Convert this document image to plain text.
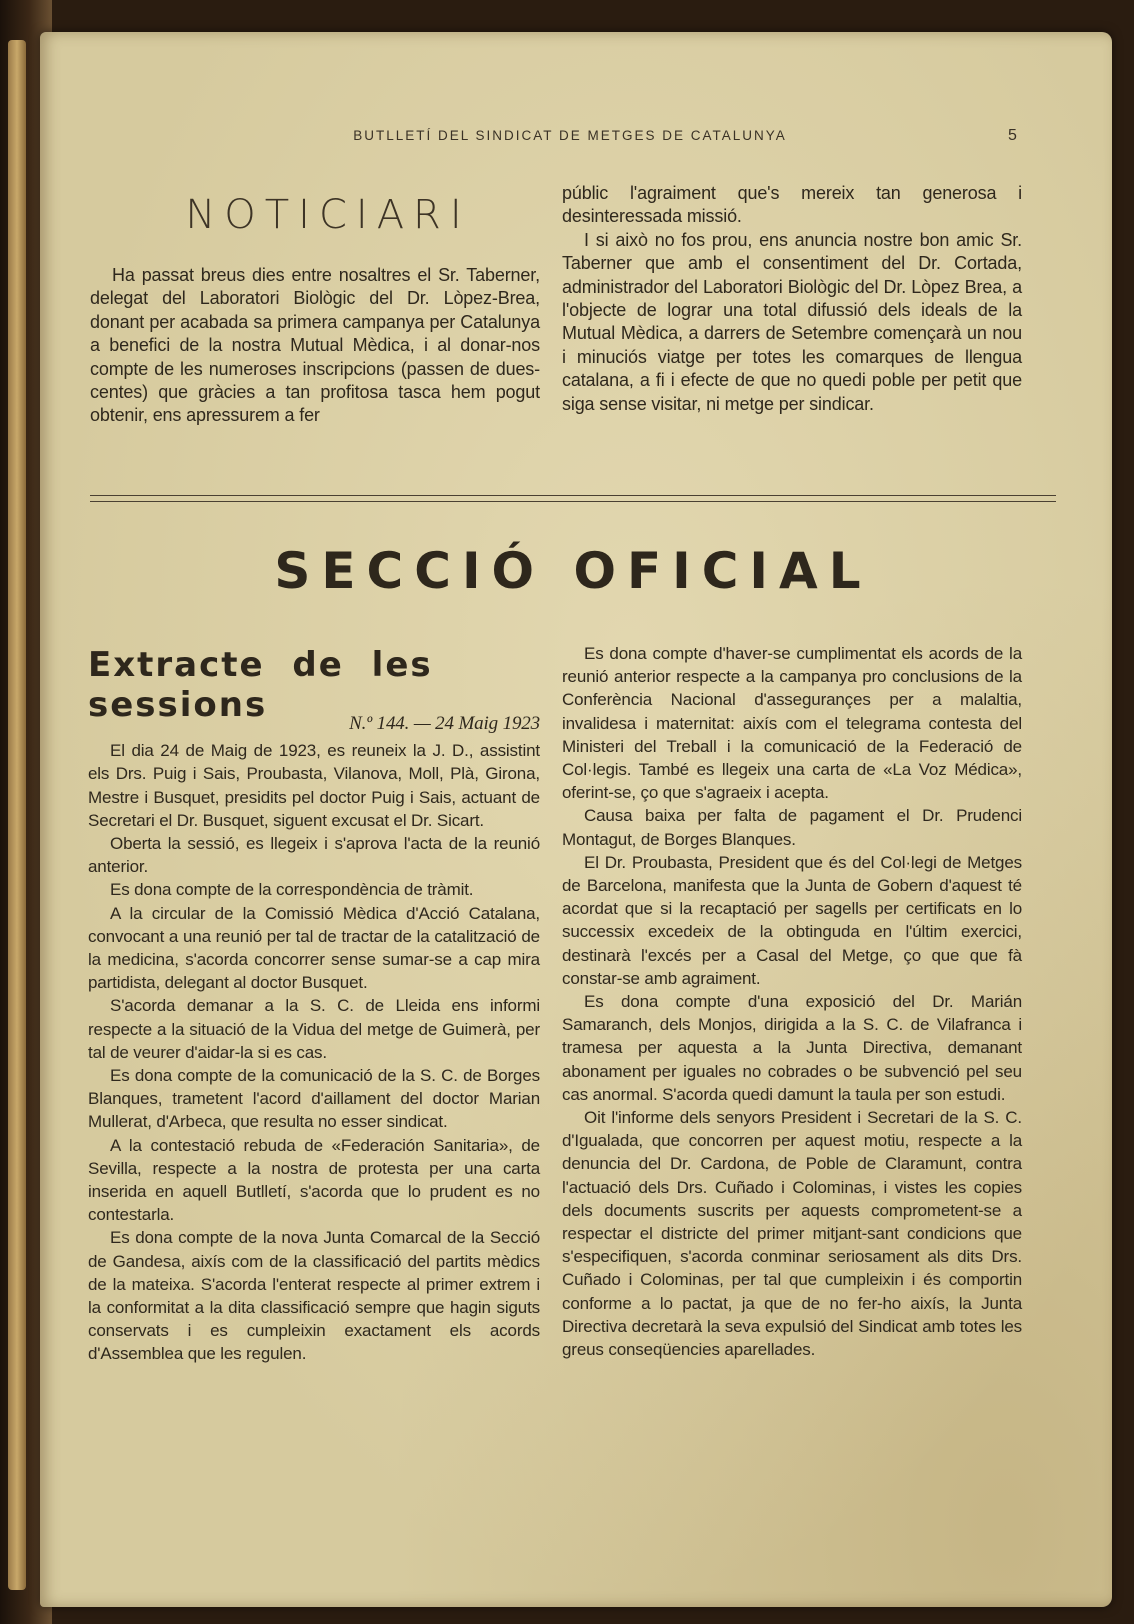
BUTLLETÍ DEL SINDICAT DE METGES DE CATALUNYA	5
NOTICIARI

Ha passat breus dies entre nosaltres el Sr. Taberner, delegat del Laboratori Biològic del Dr. Lòpez-Brea, donant per acabada sa primera campanya per Catalunya a benefici de la nostra Mutual Mèdica, i al donar-nos compte de les numeroses inscripcions (passen de dues-centes) que gràcies a tan profitosa tasca hem pogut obtenir, ens apressurem a fer

públic l'agraiment que's mereix tan generosa i desinteressada missió.

I si això no fos prou, ens anuncia nostre bon amic Sr. Taberner que amb el consentiment del Dr. Cortada, administrador del Laboratori Biològic del Dr. Lòpez Brea, a l'objecte de lograr una total difussió dels ideals de la Mutual Mèdica, a darrers de Setembre començarà un nou i minuciós viatge per totes les comarques de llengua catalana, a fi i efecte de que no quedi poble per petit que siga sense visitar, ni metge per sindicar.

SECCIÓ OFICIAL
Extracte de les sessions	N.º 144. — 24 Maig 1923

El dia 24 de Maig de 1923, es reuneix la J. D., assistint els Drs. Puig i Sais, Proubasta, Vilanova, Moll, Plà, Girona, Mestre i Busquet, presidits pel doctor Puig i Sais, actuant de Secretari el Dr. Busquet, siguent excusat el Dr. Sicart.

Oberta la sessió, es llegeix i s'aprova l'acta de la reunió anterior.

Es dona compte de la correspondència de tràmit.

A la circular de la Comissió Mèdica d'Acció Catalana, convocant a una reunió per tal de tractar de la catalització de la medicina, s'acorda concorrer sense sumar-se a cap mira partidista, delegant al doctor Busquet.

S'acorda demanar a la S. C. de Lleida ens informi respecte a la situació de la Vidua del metge de Guimerà, per tal de veurer d'aidar-la si es cas.

Es dona compte de la comunicació de la S. C. de Borges Blanques, trametent l'acord d'aillament del doctor Marian Mullerat, d'Arbeca, que resulta no esser sindicat.

A la contestació rebuda de «Federación Sanitaria», de Sevilla, respecte a la nostra de protesta per una carta inserida en aquell Butlletí, s'acorda que lo prudent es no contestarla.

Es dona compte de la nova Junta Comarcal de la Secció de Gandesa, aixís com de la classificació del partits mèdics de la mateixa. S'acorda l'enterat respecte al primer extrem i la conformitat a la dita classificació sempre que hagin siguts conservats i es cumpleixin exactament els acords d'Assemblea que les regulen.

Es dona compte d'haver-se cumplimentat els acords de la reunió anterior respecte a la campanya pro conclusions de la Conferència Nacional d'assegurançes per a malaltia, invalidesa i maternitat: aixís com el telegrama contesta del Ministeri del Treball i la comunicació de la Federació de Col·legis. També es llegeix una carta de «La Voz Médica», oferint-se, ço que s'agraeix i acepta.

Causa baixa per falta de pagament el Dr. Prudenci Montagut, de Borges Blanques.

El Dr. Proubasta, President que és del Col·legi de Metges de Barcelona, manifesta que la Junta de Gobern d'aquest té acordat que si la recaptació per sagells per certificats en lo successix excedeix de la obtinguda en l'últim exercici, destinarà l'excés per a Casal del Metge, ço que que fà constar-se amb agraiment.

Es dona compte d'una exposició del Dr. Marián Samaranch, dels Monjos, dirigida a la S. C. de Vilafranca i tramesa per aquesta a la Junta Directiva, demanant abonament per iguales no cobrades o be subvenció pel seu cas anormal. S'acorda quedi damunt la taula per son estudi.

Oit l'informe dels senyors President i Secretari de la S. C. d'Igualada, que concorren per aquest motiu, respecte a la denuncia del Dr. Cardona, de Poble de Claramunt, contra l'actuació dels Drs. Cuñado i Colominas, i vistes les copies dels documents suscrits per aquests comprometent-se a respectar el districte del primer mitjant-sant condicions que s'especifiquen, s'acorda conminar seriosament als dits Drs. Cuñado i Colominas, per tal que cumpleixin i és comportin conforme a lo pactat, ja que de no fer-ho aixís, la Junta Directiva decretarà la seva expulsió del Sindicat amb totes les greus conseqüencies aparellades.
